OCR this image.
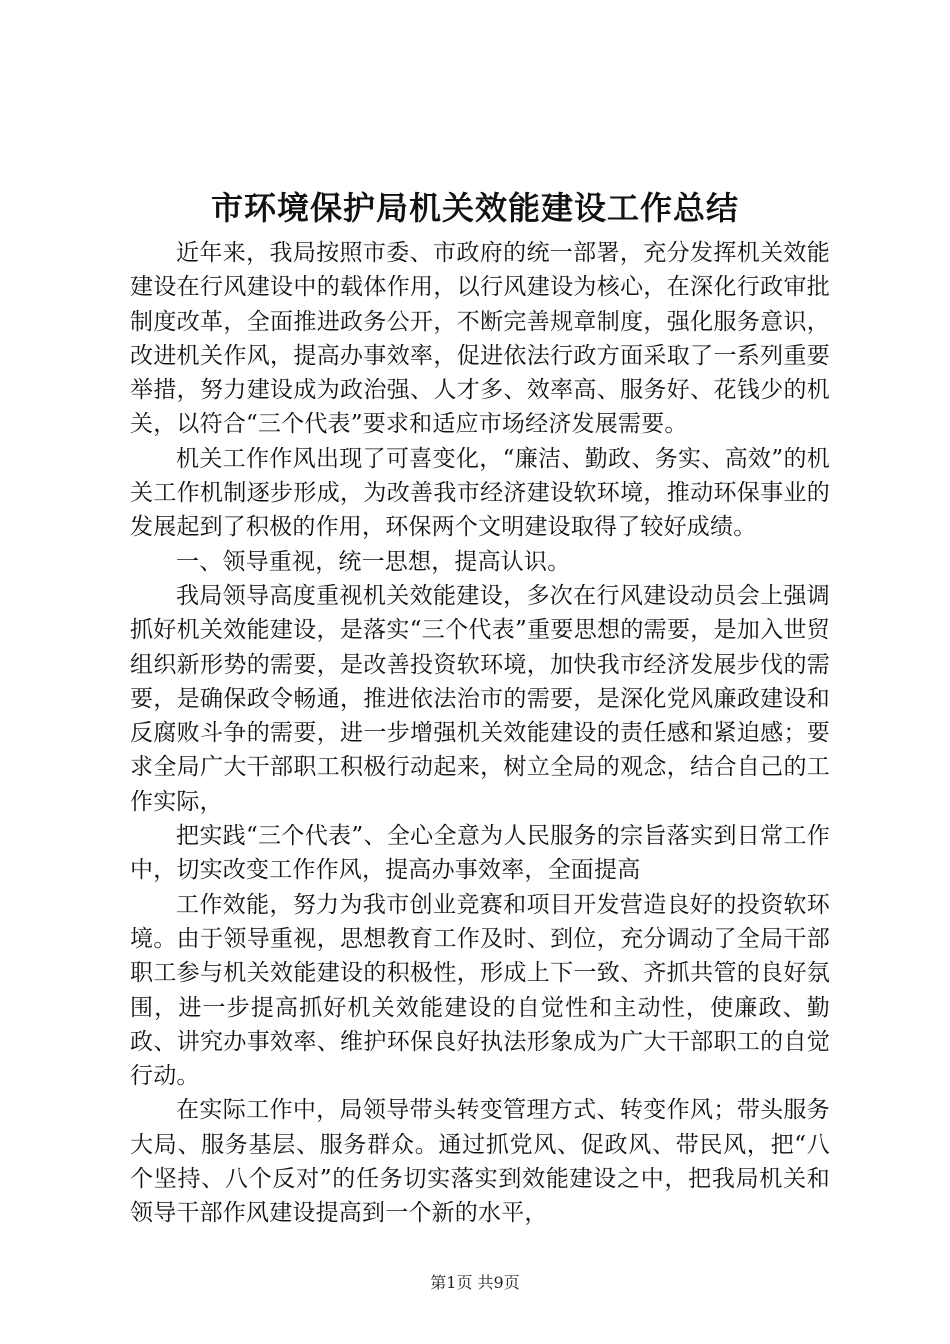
市环境保护局机关效能建设工作总结

近年来，我局按照市委、市政府的统一部署，充分发挥机关效能建设在行风建设中的载体作用，以行风建设为核心，在深化行政审批制度改革，全面推进政务公开，不断完善规章制度，强化服务意识，改进机关作风，提高办事效率，促进依法行政方面采取了一系列重要举措，努力建设成为政治强、人才多、效率高、服务好、花钱少的机关，以符合“三个代表”要求和适应市场经济发展需要。

机关工作作风出现了可喜变化，“廉洁、勤政、务实、高效”的机关工作机制逐步形成，为改善我市经济建设软环境，推动环保事业的发展起到了积极的作用，环保两个文明建设取得了较好成绩。

一、领导重视，统一思想，提高认识。

我局领导高度重视机关效能建设，多次在行风建设动员会上强调抓好机关效能建设，是落实“三个代表”重要思想的需要，是加入世贸组织新形势的需要，是改善投资软环境，加快我市经济发展步伐的需要，是确保政令畅通，推进依法治市的需要，是深化党风廉政建设和反腐败斗争的需要，进一步增强机关效能建设的责任感和紧迫感；要求全局广大干部职工积极行动起来，树立全局的观念，结合自己的工作实际，

把实践“三个代表”、全心全意为人民服务的宗旨落实到日常工作中，切实改变工作作风，提高办事效率，全面提高

工作效能，努力为我市创业竞赛和项目开发营造良好的投资软环境。由于领导重视，思想教育工作及时、到位，充分调动了全局干部职工参与机关效能建设的积极性，形成上下一致、齐抓共管的良好氛围，进一步提高抓好机关效能建设的自觉性和主动性，使廉政、勤政、讲究办事效率、维护环保良好执法形象成为广大干部职工的自觉行动。

在实际工作中，局领导带头转变管理方式、转变作风；带头服务大局、服务基层、服务群众。通过抓党风、促政风、带民风，把“八个坚持、八个反对”的任务切实落实到效能建设之中，把我局机关和领导干部作风建设提高到一个新的水平，

第1页 共9页
